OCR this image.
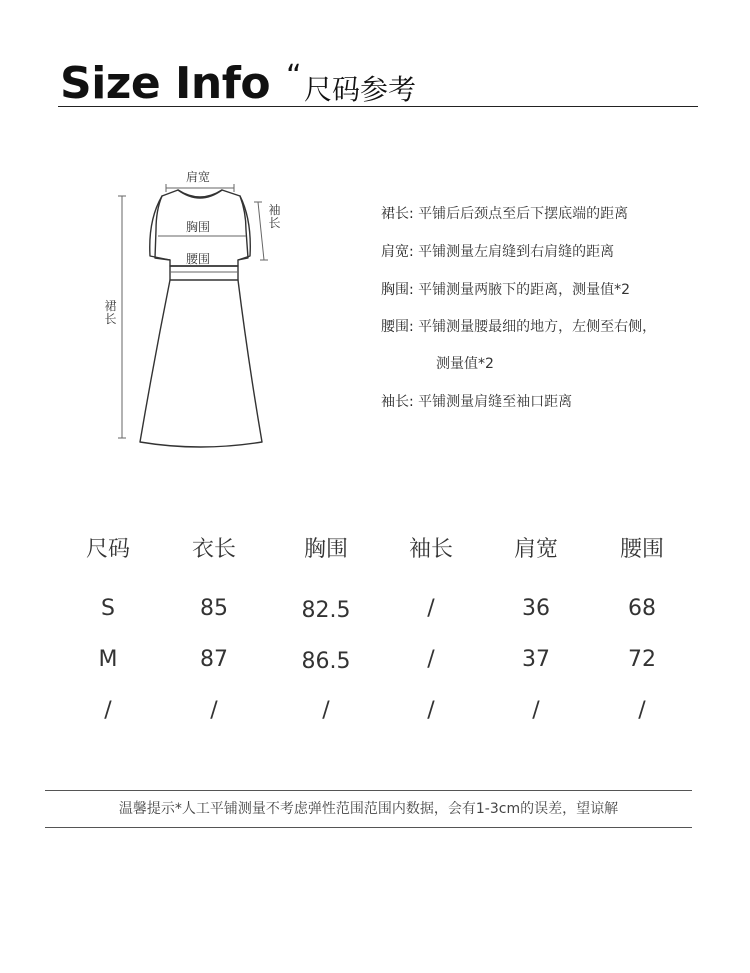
Size Info “ 尺码参考
肩宽
胸围
腰围
袖长
裙长
裙长: 平铺后后颈点至后下摆底端的距离
肩宽: 平铺测量左肩缝到右肩缝的距离
胸围: 平铺测量两腋下的距离，测量值*2
腰围: 平铺测量腰最细的地方，左侧至右侧，
测量值*2
袖长: 平铺测量肩缝至袖口距离
尺码	衣长	胸围	袖长	肩宽	腰围
S	85	82.5	/	36	68
M	87	86.5	/	37	72
/	/	/	/	/	/
温馨提示*人工平铺测量不考虑弹性范围范围内数据，会有1-3cm的误差，望谅解
